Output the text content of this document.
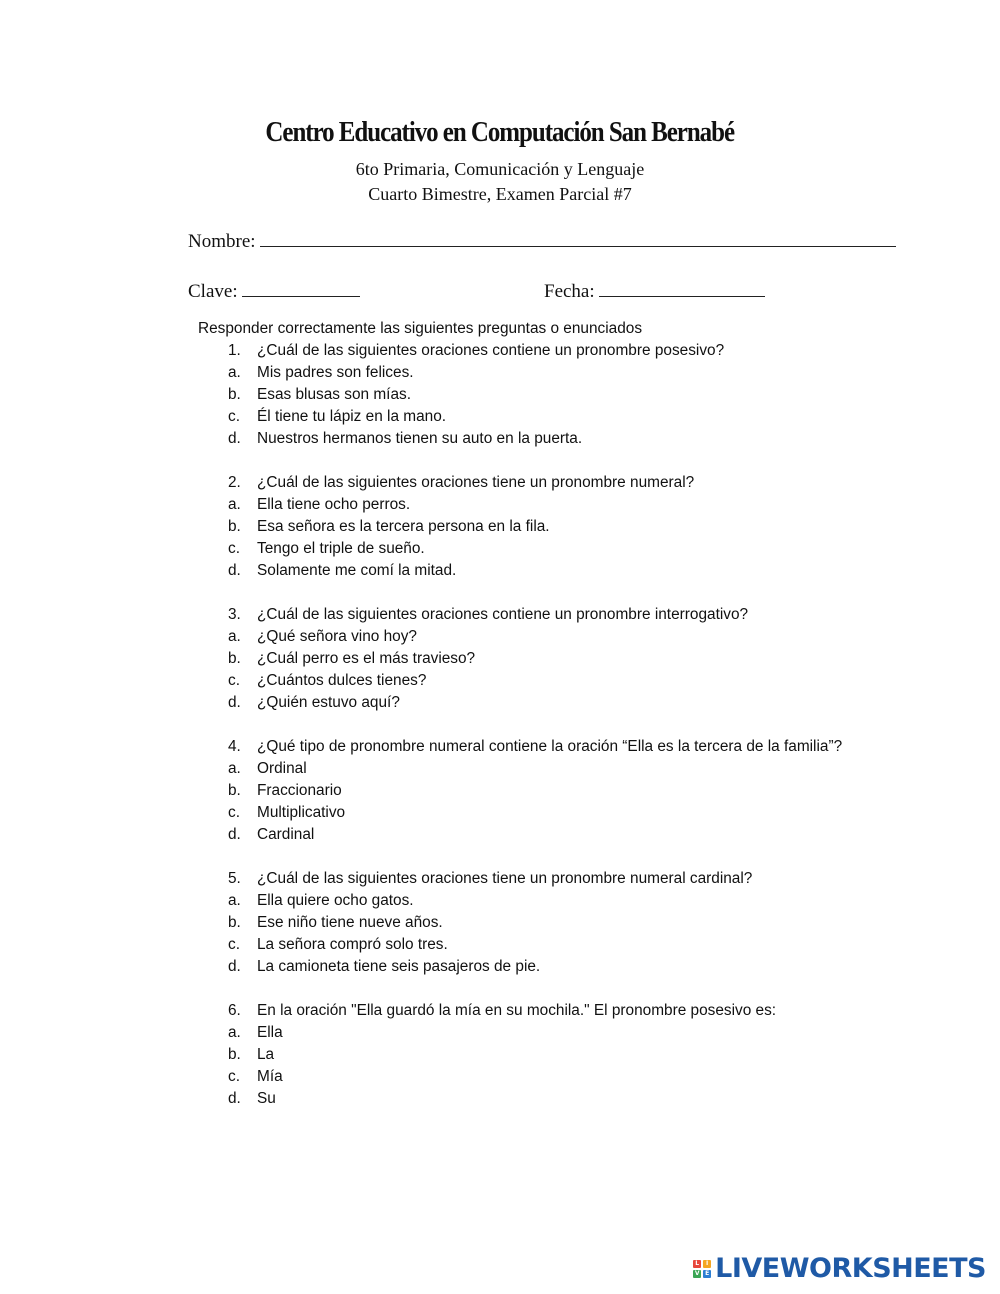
Centro Educativo en Computación San Bernabé
6to Primaria, Comunicación y Lenguaje
Cuarto Bimestre, Examen Parcial #7
Nombre:
Clave:	Fecha:
Responder correctamente las siguientes preguntas o enunciados
1. ¿Cuál de las siguientes oraciones contiene un pronombre posesivo?
a. Mis padres son felices.
b. Esas blusas son mías.
c. Él tiene tu lápiz en la mano.
d. Nuestros hermanos tienen su auto en la puerta.
2. ¿Cuál de las siguientes oraciones tiene un pronombre numeral?
a. Ella tiene ocho perros.
b. Esa señora es la tercera persona en la fila.
c. Tengo el triple de sueño.
d. Solamente me comí la mitad.
3. ¿Cuál de las siguientes oraciones contiene un pronombre interrogativo?
a. ¿Qué señora vino hoy?
b. ¿Cuál perro es el más travieso?
c. ¿Cuántos dulces tienes?
d. ¿Quién estuvo aquí?
4. ¿Qué tipo de pronombre numeral contiene la oración “Ella es la tercera de la familia”?
a. Ordinal
b. Fraccionario
c. Multiplicativo
d. Cardinal
5. ¿Cuál de las siguientes oraciones tiene un pronombre numeral cardinal?
a. Ella quiere ocho gatos.
b. Ese niño tiene nueve años.
c. La señora compró solo tres.
d. La camioneta tiene seis pasajeros de pie.
6. En la oración "Ella guardó la mía en su mochila." El pronombre posesivo es:
a. Ella
b. La
c. Mía
d. Su
L	I
V E LIVEWORKSHEETS
